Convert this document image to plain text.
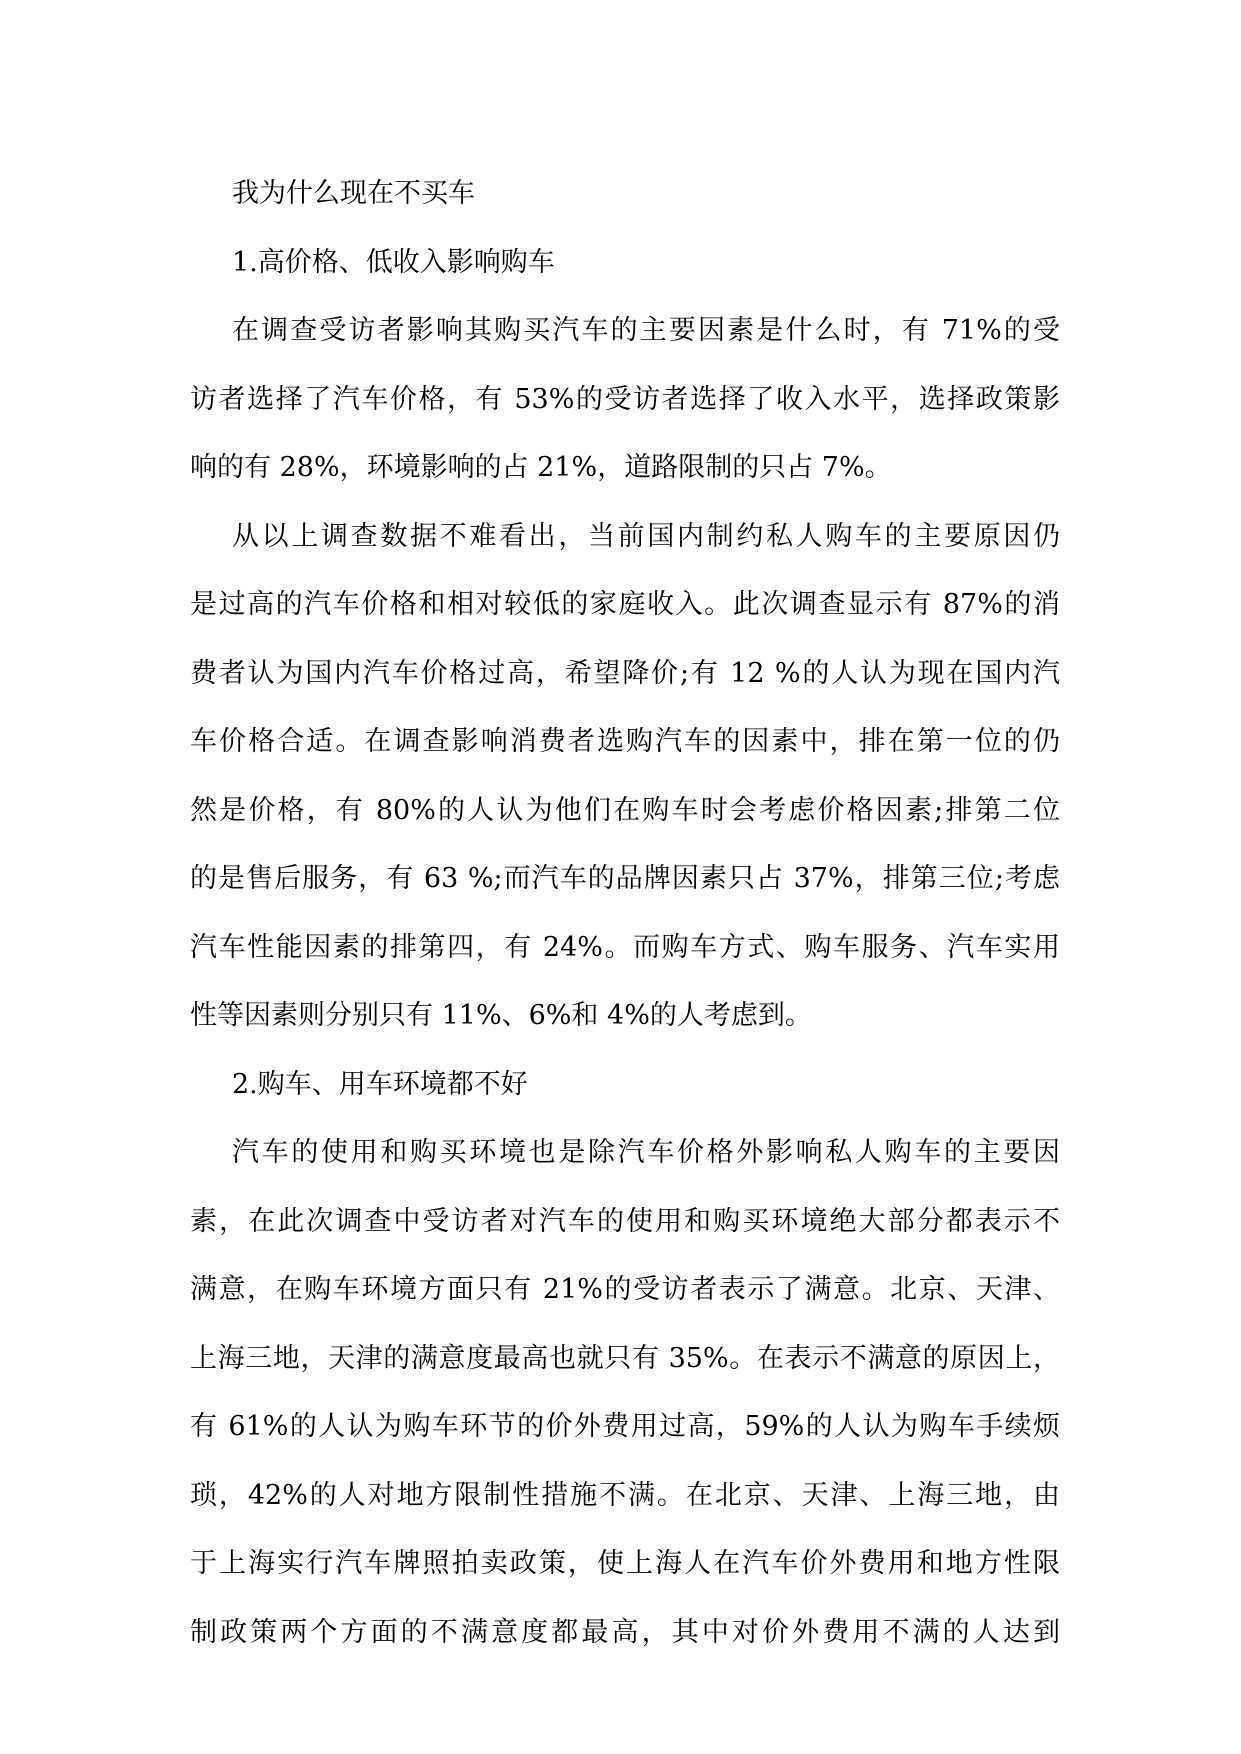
我为什么现在不买车
1.高价格、低收入影响购车
在调查受访者影响其购买汽车的主要因素是什么时，有 71%的受
访者选择了汽车价格，有 53%的受访者选择了收入水平，选择政策影
响的有 28%，环境影响的占 21%，道路限制的只占 7%。
从以上调查数据不难看出，当前国内制约私人购车的主要原因仍
是过高的汽车价格和相对较低的家庭收入。此次调查显示有 87%的消
费者认为国内汽车价格过高，希望降价;有 12 %的人认为现在国内汽
车价格合适。在调查影响消费者选购汽车的因素中，排在第一位的仍
然是价格，有 80%的人认为他们在购车时会考虑价格因素;排第二位
的是售后服务，有 63 %;而汽车的品牌因素只占 37%，排第三位;考虑
汽车性能因素的排第四，有 24%。而购车方式、购车服务、汽车实用
性等因素则分别只有 11%、6%和 4%的人考虑到。
2.购车、用车环境都不好
汽车的使用和购买环境也是除汽车价格外影响私人购车的主要因
素，在此次调查中受访者对汽车的使用和购买环境绝大部分都表示不
满意，在购车环境方面只有 21%的受访者表示了满意。北京、天津、
上海三地，天津的满意度最高也就只有 35%。在表示不满意的原因上，
有 61%的人认为购车环节的价外费用过高，59%的人认为购车手续烦
琐，42%的人对地方限制性措施不满。在北京、天津、上海三地，由
于上海实行汽车牌照拍卖政策，使上海人在汽车价外费用和地方性限
制政策两个方面的不满意度都最高，其中对价外费用不满的人达到
